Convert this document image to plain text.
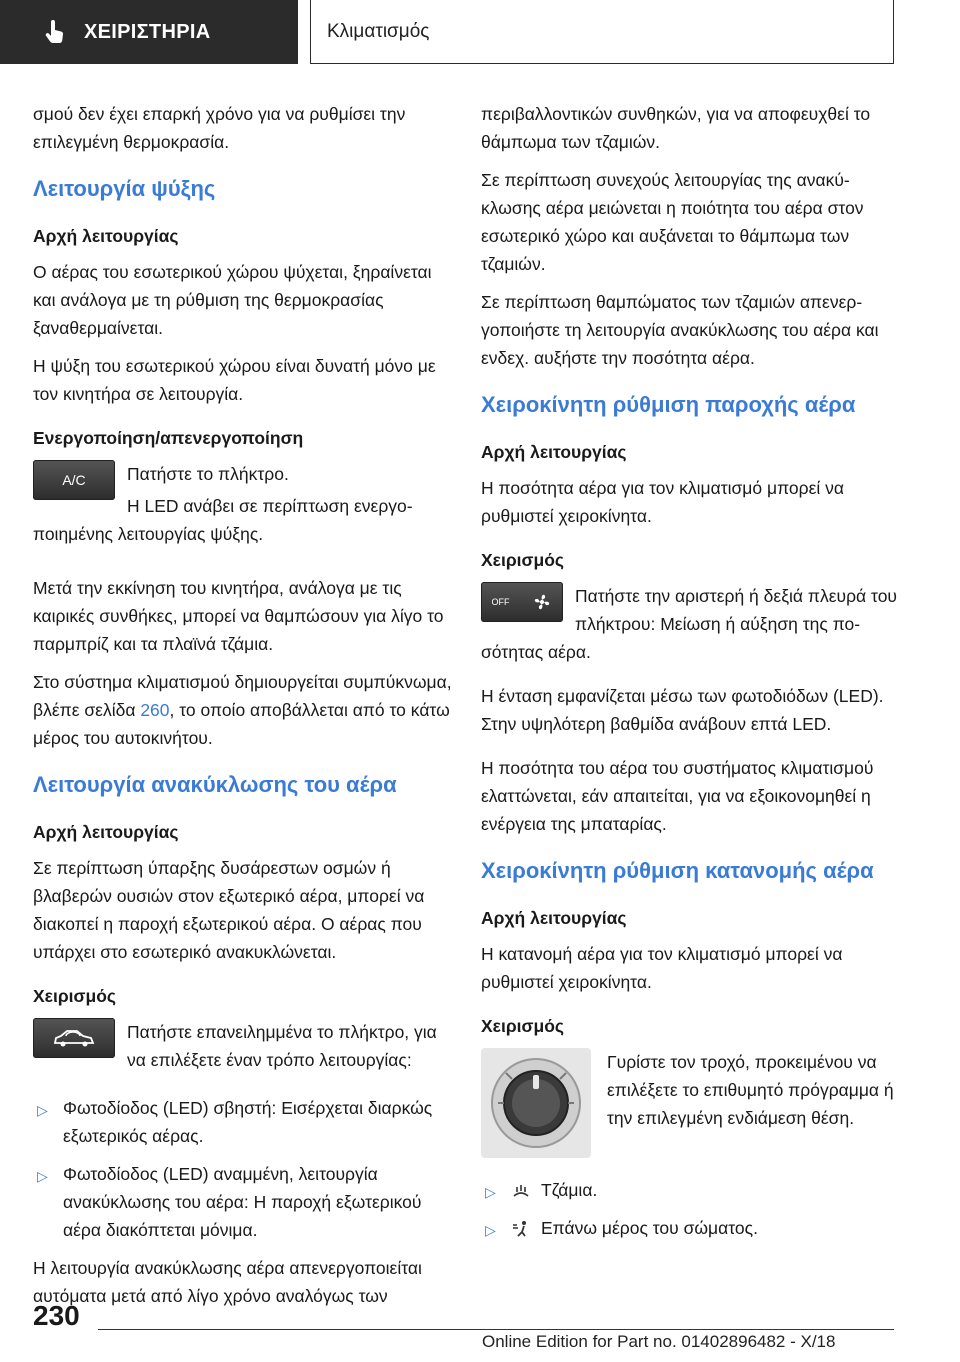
ΧΕΙΡΙΣΤΗΡΙΑ	Κλιματισμός

σμού δεν έχει επαρκή χρόνο για να ρυθμίσει την επιλεγμένη θερμοκρασία.

Λειτουργία ψύξης
Αρχή λειτουργίας

Ο αέρας του εσωτερικού χώρου ψύχεται, ξηραίνεται και ανάλογα με τη ρύθμιση της θερμοκρασίας ξαναθερμαίνεται.

Η ψύξη του εσωτερικού χώρου είναι δυνατή μόνο με τον κινητήρα σε λειτουργία.

Ενεργοποίηση/απενεργοποίηση
A/C	Πατήστε το πλήκτρο.

Η LED ανάβει σε περίπτωση ενεργοποιημένης λειτουργίας ψύξης.

Μετά την εκκίνηση του κινητήρα, ανάλογα με τις καιρικές συνθήκες, μπορεί να θαμπώσουν για λίγο το παρμπρίζ και τα πλαϊνά τζάμια.

Στο σύστημα κλιματισμού δημιουργείται συμπύκνωμα, βλέπε σελίδα 260, το οποίο αποβάλλεται από το κάτω μέρος του αυτοκινήτου.

Λειτουργία ανακύκλωσης του αέρα
Αρχή λειτουργίας

Σε περίπτωση ύπαρξης δυσάρεστων οσμών ή βλαβερών ουσιών στον εξωτερικό αέρα, μπορεί να διακοπεί η παροχή εξωτερικού αέρα. Ο αέρας που υπάρχει στο εσωτερικό ανακυκλώνεται.

Χειρισμός

Πατήστε επανειλημμένα το πλήκτρο, για να επιλέξετε έναν τρόπο λειτουργίας:

▷ Φωτοδίοδος (LED) σβηστή: Εισέρχεται διαρκώς εξωτερικός αέρας.
▷ Φωτοδίοδος (LED) αναμμένη, λειτουργία ανακύκλωσης του αέρα: Η παροχή εξωτερικού αέρα διακόπτεται μόνιμα.

Η λειτουργία ανακύκλωσης αέρα απενεργοποιείται αυτόματα μετά από λίγο χρόνο αναλόγως των

περιβαλλοντικών συνθηκών, για να αποφευχθεί το θάμπωμα των τζαμιών.

Σε περίπτωση συνεχούς λειτουργίας της ανακύκλωσης αέρα μειώνεται η ποιότητα του αέρα στον εσωτερικό χώρο και αυξάνεται το θάμπωμα των τζαμιών.

Σε περίπτωση θαμπώματος των τζαμιών απενεργοποιήστε τη λειτουργία ανακύκλωσης του αέρα και ενδεχ. αυξήστε την ποσότητα αέρα.

Χειροκίνητη ρύθμιση παροχής αέρα
Αρχή λειτουργίας

Η ποσότητα αέρα για τον κλιματισμό μπορεί να ρυθμιστεί χειροκίνητα.

Χειρισμός
OFF	Πατήστε την αριστερή ή δεξιά πλευρά του πλήκτρου: Μείωση ή αύξηση της ποσότητας αέρα.

Η ένταση εμφανίζεται μέσω των φωτοδιόδων (LED). Στην υψηλότερη βαθμίδα ανάβουν επτά LED.

Η ποσότητα του αέρα του συστήματος κλιματισμού ελαττώνεται, εάν απαιτείται, για να εξοικονομηθεί η ενέργεια της μπαταρίας.

Χειροκίνητη ρύθμιση κατανομής αέρα
Αρχή λειτουργίας

Η κατανομή αέρα για τον κλιματισμό μπορεί να ρυθμιστεί χειροκίνητα.

Χειρισμός

Γυρίστε τον τροχό, προκειμένου να επιλέξετε το επιθυμητό πρόγραμμα ή την επιλεγμένη ενδιάμεση θέση.

▷	Τζάμια.
▷	Επάνω μέρος του σώματος.
230
Online Edition for Part no. 01402896482 - X/18
